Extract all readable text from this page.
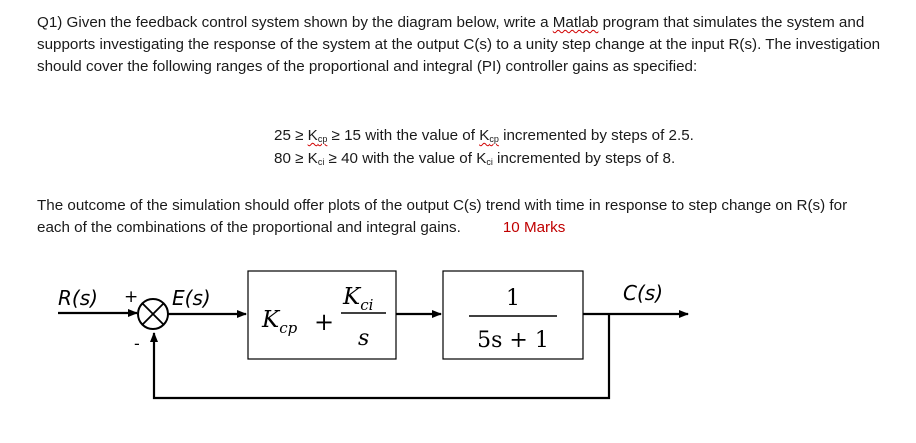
Q1) Given the feedback control system shown by the diagram below, write a Matlab program that simulates the system and supports investigating the response of the system at the output C(s) to a unity step change at the input R(s). The investigation should cover the following ranges of the proportional and integral (PI) controller gains as specified:

$25 \ge K_{cp} \ge 15$ with the value of $K_{cp}$ incremented by steps of 2.5.
$80 \ge K_{ci} \ge 40$ with the value of $K_{ci}$ incremented by steps of 8.

The outcome of the simulation should offer plots of the output C(s) trend with time in response to step change on R(s) for each of the combinations of the proportional and integral gains.	10 Marks

R(s) +
-
E(s)	C(s)
$K_{cp}$ +
$K_{ci}$
s
1
5s + 1
